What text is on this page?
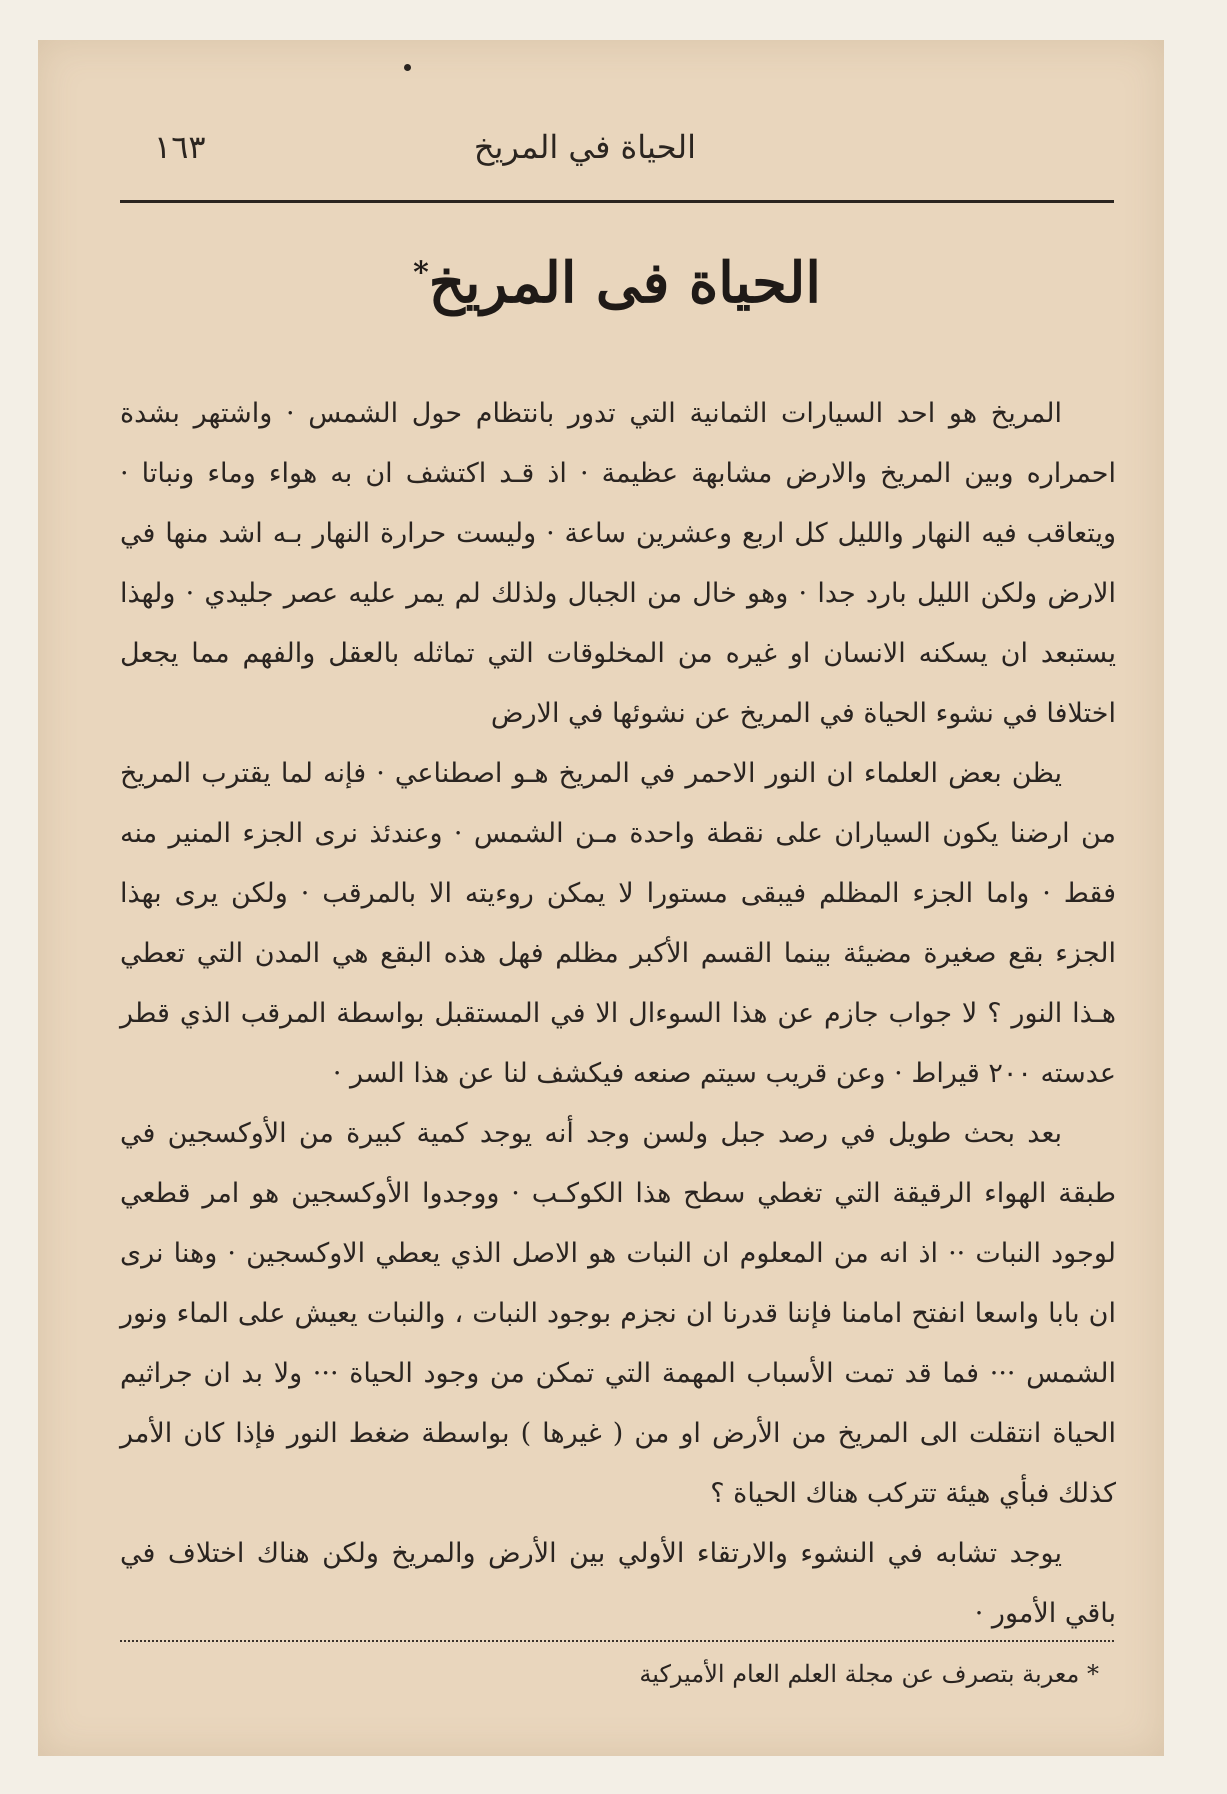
الحياة في المريخ
١٦٣
الحياة فى المريخ*

المريخ هو احد السيارات الثمانية التي تدور بانتظام حول الشمس · واشتهر بشدة احمراره وبين المريخ والارض مشابهة عظيمة · اذ قـد اكتشف ان به هواء وماء ونباتا · ويتعاقب فيه النهار والليل كل اربع وعشرين ساعة · وليست حرارة النهار بـه اشد منها في الارض ولكن الليل بارد جدا · وهو خال من الجبال ولذلك لم يمر عليه عصر جليدي · ولهذا يستبعد ان يسكنه الانسان او غيره من المخلوقات التي تماثله بالعقل والفهم مما يجعل اختلافا في نشوء الحياة في المريخ عن نشوئها في الارض

يظن بعض العلماء ان النور الاحمر في المريخ هـو اصطناعي · فإنه لما يقترب المريخ من ارضنا يكون السياران على نقطة واحدة مـن الشمس · وعندئذ نرى الجزء المنير منه فقط · واما الجزء المظلم فيبقى مستورا لا يمكن روءيته الا بالمرقب · ولكن يرى بهذا الجزء بقع صغيرة مضيئة بينما القسم الأكبر مظلم فهل هذه البقع هي المدن التي تعطي هـذا النور ؟ لا جواب جازم عن هذا السوءال الا في المستقبل بواسطة المرقب الذي قطر عدسته ٢٠٠ قيراط · وعن قريب سيتم صنعه فيكشف لنا عن هذا السر ·

بعد بحث طويل في رصد جبل ولسن وجد أنه يوجد كمية كبيرة من الأوكسجين في طبقة الهواء الرقيقة التي تغطي سطح هذا الكوكـب · ووجدوا الأوكسجين هو امر قطعي لوجود النبات ·· اذ انه من المعلوم ان النبات هو الاصل الذي يعطي الاوكسجين · وهنا نرى ان بابا واسعا انفتح امامنا فإننا قدرنا ان نجزم بوجود النبات ، والنبات يعيش على الماء ونور الشمس ··· فما قد تمت الأسباب المهمة التي تمكن من وجود الحياة ··· ولا بد ان جراثيم الحياة انتقلت الى المريخ من الأرض او من ( غيرها ) بواسطة ضغط النور فإذا كان الأمر كذلك فبأي هيئة تتركب هناك الحياة ؟

يوجد تشابه في النشوء والارتقاء الأولي بين الأرض والمريخ ولكن هناك اختلاف في باقي الأمور ·

* معربة بتصرف عن مجلة العلم العام الأميركية
